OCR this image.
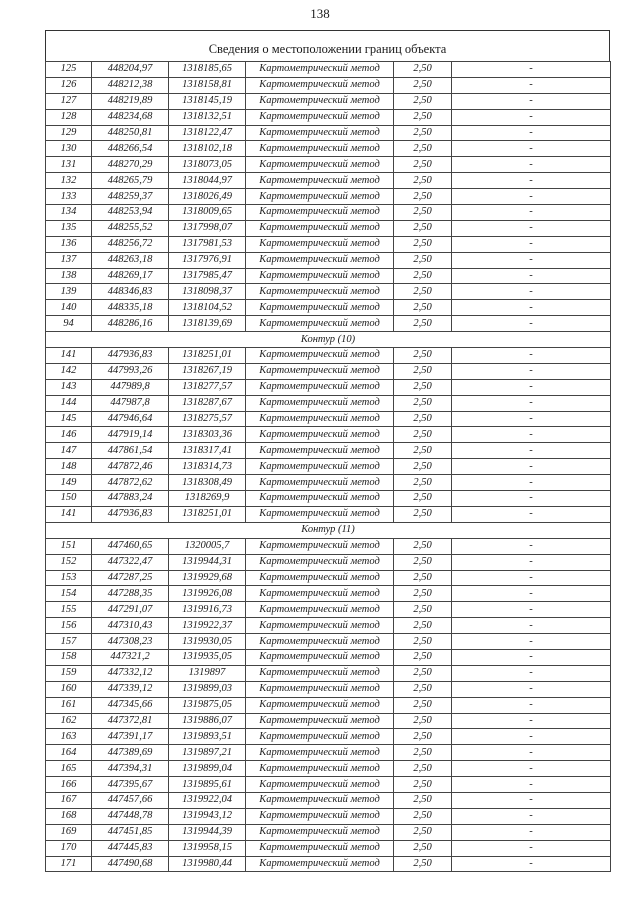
138
Сведения о местоположении границ объекта
125	448204,97	1318185,65	Картометрический метод	2,50	-
126	448212,38	1318158,81	Картометрический метод	2,50	-
127	448219,89	1318145,19	Картометрический метод	2,50	-
128	448234,68	1318132,51	Картометрический метод	2,50	-
129	448250,81	1318122,47	Картометрический метод	2,50	-
130	448266,54	1318102,18	Картометрический метод	2,50	-
131	448270,29	1318073,05	Картометрический метод	2,50	-
132	448265,79	1318044,97	Картометрический метод	2,50	-
133	448259,37	1318026,49	Картометрический метод	2,50	-
134	448253,94	1318009,65	Картометрический метод	2,50	-
135	448255,52	1317998,07	Картометрический метод	2,50	-
136	448256,72	1317981,53	Картометрический метод	2,50	-
137	448263,18	1317976,91	Картометрический метод	2,50	-
138	448269,17	1317985,47	Картометрический метод	2,50	-
139	448346,83	1318098,37	Картометрический метод	2,50	-
140	448335,18	1318104,52	Картометрический метод	2,50	-
94	448286,16	1318139,69	Картометрический метод	2,50	-
Контур (10)					
141	447936,83	1318251,01	Картометрический метод	2,50	-
142	447993,26	1318267,19	Картометрический метод	2,50	-
143	447989,8	1318277,57	Картометрический метод	2,50	-
144	447987,8	1318287,67	Картометрический метод	2,50	-
145	447946,64	1318275,57	Картометрический метод	2,50	-
146	447919,14	1318303,36	Картометрический метод	2,50	-
147	447861,54	1318317,41	Картометрический метод	2,50	-
148	447872,46	1318314,73	Картометрический метод	2,50	-
149	447872,62	1318308,49	Картометрический метод	2,50	-
150	447883,24	1318269,9	Картометрический метод	2,50	-
141	447936,83	1318251,01	Картометрический метод	2,50	-
Контур (11)					
151	447460,65	1320005,7	Картометрический метод	2,50	-
152	447322,47	1319944,31	Картометрический метод	2,50	-
153	447287,25	1319929,68	Картометрический метод	2,50	-
154	447288,35	1319926,08	Картометрический метод	2,50	-
155	447291,07	1319916,73	Картометрический метод	2,50	-
156	447310,43	1319922,37	Картометрический метод	2,50	-
157	447308,23	1319930,05	Картометрический метод	2,50	-
158	447321,2	1319935,05	Картометрический метод	2,50	-
159	447332,12	1319897	Картометрический метод	2,50	-
160	447339,12	1319899,03	Картометрический метод	2,50	-
161	447345,66	1319875,05	Картометрический метод	2,50	-
162	447372,81	1319886,07	Картометрический метод	2,50	-
163	447391,17	1319893,51	Картометрический метод	2,50	-
164	447389,69	1319897,21	Картометрический метод	2,50	-
165	447394,31	1319899,04	Картометрический метод	2,50	-
166	447395,67	1319895,61	Картометрический метод	2,50	-
167	447457,66	1319922,04	Картометрический метод	2,50	-
168	447448,78	1319943,12	Картометрический метод	2,50	-
169	447451,85	1319944,39	Картометрический метод	2,50	-
170	447445,83	1319958,15	Картометрический метод	2,50	-
171	447490,68	1319980,44	Картометрический метод	2,50	-
